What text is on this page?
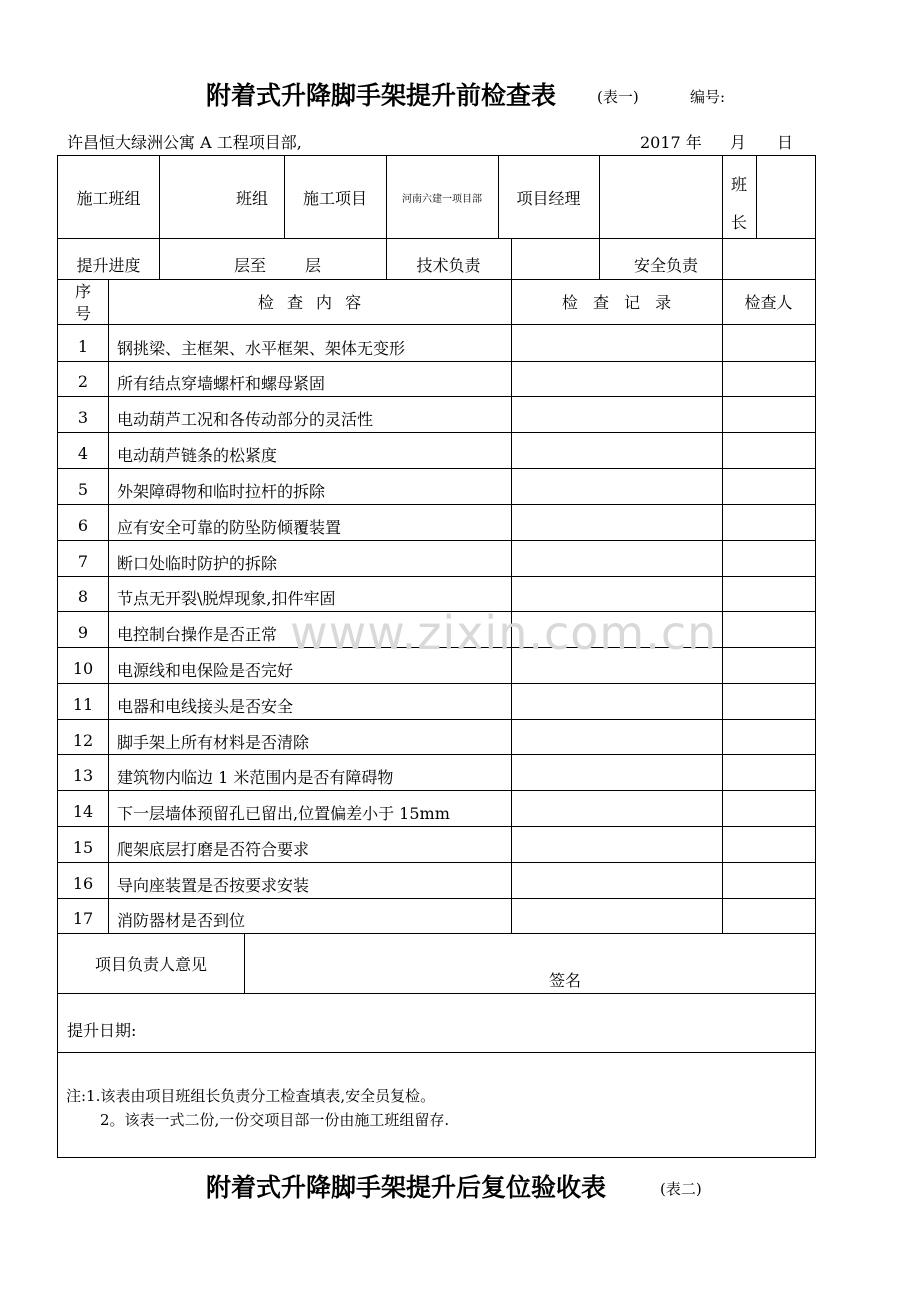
附着式升降脚手架提升前检查表	(表一)	编号:
许昌恒大绿洲公寓 A 工程项目部,	2017 年 月 日
施工班组	班组	施工项目	河南六建一项目部	项目经理
班
长
提升进度	层至	层	技术负责	安全负责
序
号
检 查 内 容	检 查 记 录	检查人
1	钢挑梁、主框架、水平框架、架体无变形
2	所有结点穿墙螺杆和螺母紧固
3	电动葫芦工况和各传动部分的灵活性
4	电动葫芦链条的松紧度
5	外架障碍物和临时拉杆的拆除
6	应有安全可靠的防坠防倾覆装置
7	断口处临时防护的拆除
8	节点无开裂\脱焊现象,扣件牢固
9	电控制台操作是否正常
10	电源线和电保险是否完好
11	电器和电线接头是否安全
12	脚手架上所有材料是否清除
13	建筑物内临边 1 米范围内是否有障碍物
14	下一层墙体预留孔已留出,位置偏差小于 15mm
15	爬架底层打磨是否符合要求
16	导向座装置是否按要求安装
17	消防器材是否到位
项目负责人意见
签名
提升日期:
注:1.该表由项目班组长负责分工检查填表,安全员复检。
2。该表一式二份,一份交项目部一份由施工班组留存.
www.zixin.com.cn
附着式升降脚手架提升后复位验收表	(表二)
